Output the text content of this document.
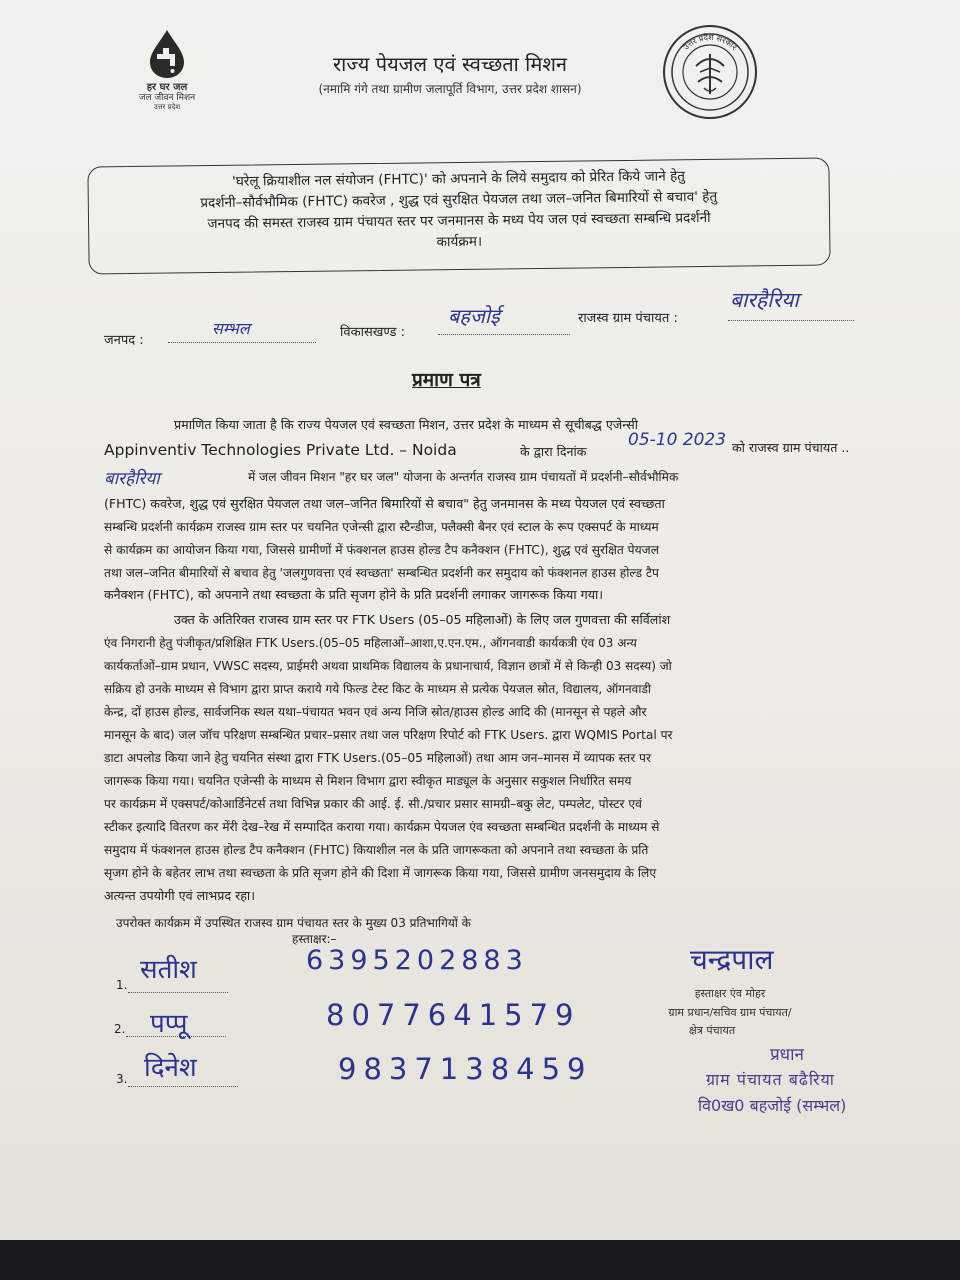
हर घर जल
जल जीवन मिशन
उत्तर प्रदेश
उत्तर प्रदेश सरकार
राज्य पेयजल एवं स्वच्छता मिशन
(नमामि गंगे तथा ग्रामीण जलापूर्ति विभाग, उत्तर प्रदेश शासन)
'घरेलू क्रियाशील नल संयोजन (FHTC)' को अपनाने के लिये समुदाय को प्रेरित किये जाने हेतु
प्रदर्शनी–सौर्वभौमिक (FHTC) कवरेज , शुद्ध एवं सुरक्षित पेयजल तथा जल–जनित बिमारियों से बचाव' हेतु
जनपद की समस्त राजस्व ग्राम पंचायत स्तर पर जनमानस के मध्य पेय जल एवं स्वच्छता सम्बन्धि प्रदर्शनी
कार्यक्रम।
जनपद :
सम्भल	विकासखण्ड :
बहजोई	राजस्व ग्राम पंचायत :
बारहैरिया
प्रमाण पत्र
प्रमाणित किया जाता है कि राज्य पेयजल एवं स्वच्छता मिशन, उत्तर प्रदेश के माध्यम से सूचीबद्ध एजेन्सी
Appinventiv Technologies Private Ltd. – Noida	के द्वारा दिनांक
05-10 2023 को राजस्व ग्राम पंचायत ..
बारहैरिया	में जल जीवन मिशन "हर घर जल" योजना के अन्तर्गत राजस्व ग्राम पंचायतों में प्रदर्शनी–सौर्वभौमिक
(FHTC) कवरेज, शुद्ध एवं सुरक्षित पेयजल तथा जल–जनित बिमारियों से बचाव" हेतु जनमानस के मध्य पेयजल एवं स्वच्छता
सम्बन्धि प्रदर्शनी कार्यक्रम राजस्व ग्राम स्तर पर चयनित एजेन्सी द्वारा स्टैन्डीज, फ्लैक्सी बैनर एवं स्टाल के रूप एक्सपर्ट के माध्यम
से कार्यक्रम का आयोजन किया गया, जिससे ग्रामीणों में फंक्शनल हाउस होल्ड टैप कनैक्शन (FHTC), शुद्ध एवं सुरक्षित पेयजल
तथा जल–जनित बीमारियों से बचाव हेतु 'जलगुणवत्ता एवं स्वच्छता' सम्बन्धित प्रदर्शनी कर समुदाय को फंक्शनल हाउस होल्ड टैप
कनैक्शन (FHTC), को अपनाने तथा स्वच्छता के प्रति सृजग होने के प्रति प्रदर्शनी लगाकर जागरूक किया गया।
उक्त के अतिरिक्त राजस्व ग्राम स्तर पर FTK Users (05–05 महिलाओं) के लिए जल गुणवत्ता की सर्विलांश
एंव निगरानी हेतु पंजीकृत/प्रशिक्षित FTK Users.(05–05 महिलाओं–आशा,ए.एन.एम., ऑगनवाडी कार्यकत्री एंव 03 अन्य
कार्यकर्ताओं–ग्राम प्रधान, VWSC सदस्य, प्राईमरी अथवा प्राथमिक विद्यालय के प्रधानाचार्य, विज्ञान छात्रों में से किन्ही 03 सदस्य) जो
सक्रिय हो उनके माध्यम से विभाग द्वारा प्राप्त कराये गये फिल्ड टेस्ट किट के माध्यम से प्रत्येक पेयजल स्रोत, विद्यालय, ऑगनवाडी
केन्द्र, दों हाउस होल्ड, सार्वजनिक स्थल यथा–पंचायत भवन एवं अन्य निजि स्रोत/हाउस होल्ड आदि की (मानसून से पहले और
मानसून के बाद) जल जॉच परिक्षण सम्बन्धित प्रचार–प्रसार तथा जल परिक्षण रिपोर्ट को FTK Users. द्वारा WQMIS Portal पर
डाटा अपलोड किया जाने हेतु चयनित संस्था द्वारा FTK Users.(05–05 महिलाओं) तथा आम जन–मानस में व्यापक स्तर पर
जागरूक किया गया। चयनित एजेन्सी के माध्यम से मिशन विभाग द्वारा स्वीकृत माड्यूल के अनुसार सकुशल निर्धारित समय
पर कार्यक्रम में एक्सपर्ट/कोआर्डिनेटर्स तथा विभिन्न प्रकार की आई. ई. सी./प्रचार प्रसार सामग्री–बकु लेट, पम्पलेट, पोस्टर एवं
स्टीकर इत्यादि वितरण कर मेंरी देख–रेख में सम्पादित कराया गया। कार्यक्रम पेयजल एंव स्वच्छता सम्बन्धित प्रदर्शनी के माध्यम से
समुदाय में फंक्शनल हाउस होल्ड टैप कनैक्शन (FHTC) कियाशील नल के प्रति जागरूकता को अपनाने तथा स्वच्छता के प्रति
सृजग होने के बहेतर लाभ तथा स्वच्छता के प्रति सृजग होने की दिशा में जागरूक किया गया, जिससे ग्रामीण जनसमुदाय के लिए
अत्यन्त उपयोगी एवं लाभप्रद रहा।
उपरोक्त कार्यक्रम में उपस्थित राजस्व ग्राम पंचायत स्तर के मुख्य 03 प्रतिभागियों के
हस्ताक्षर:–
1. सतीश	6395202883
2. पप्पू	8077641579
3. दिनेश	9837138459
चन्द्रपाल
हस्ताक्षर एंव मोहर
ग्राम प्रधान/सचिव ग्राम पंचायत/
क्षेत्र पंचायत
प्रधान
ग्राम पंचायत बढैरिया
वि0ख0 बहजोई (सम्भल)
